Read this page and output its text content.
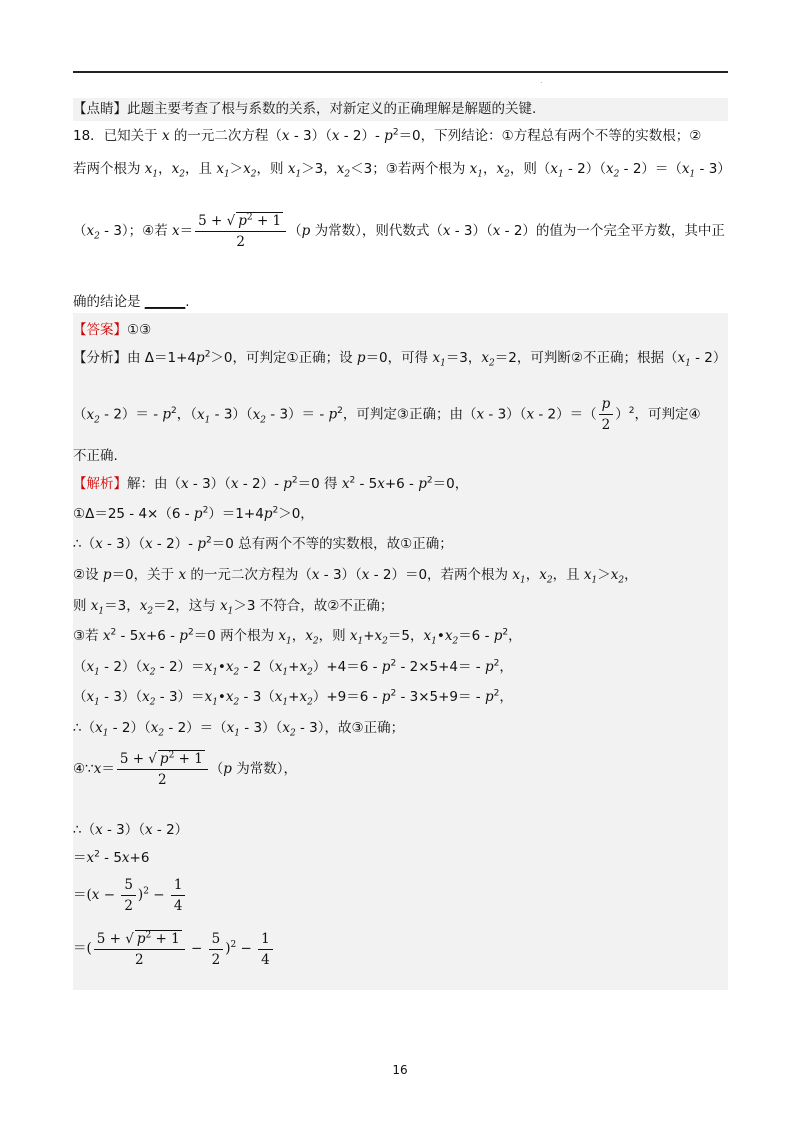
.
【点睛】此题主要考查了根与系数的关系，对新定义的正确理解是解题的关键.
18．已知关于 x 的一元二次方程（x - 3）（x - 2）- $p^2=0$，下列结论：①方程总有两个不等的实数根；②
若两个根为 $x_1$，$x_2$，且 $x_1>x_2$，则 $x_1>3$，$x_2<3$；③若两个根为 $x_1$，$x_2$，则$(x_1 - 2)(x_2 - 2)=(x_1 - 3)$
$(x_2 - 3)$；④若 $x= \frac{5 + √ p^2 + 1}{2} (p$ 为常数），则代数式（x - 3）（x - 2）的值为一个完全平方数，其中正
确的结论是 ______.
【答案】①③
【分析】由 $\Delta=1+4p^2>0$，可判定①正确；设 p＝0，可得 $x_1=3$，$x_2=2$，可判断②不正确；根据$(x_1 - 2)$
$(x_2 - 2)= - p^2$，$(x_1 - 3)(x_2 - 3)= - p^2$，可判定③正确；由$(x - 3)(x - 2)=( \frac{p}{2} )^2$，可判定④
不正确.
【解析】解：由（x - 3）（x - 2）- $p^2=0$ 得 $x^2 - 5x+6 - p^2=0$，
①Δ＝25 - $4\times(6 - p^2)=1+4p^2>0$，
∴（x - 3）（x - 2）- $p^2=0$ 总有两个不等的实数根，故①正确；
②设 p＝0，关于 x 的一元二次方程为（x - 3）（x - 2）＝0，若两个根为 $x_1$，$x_2$，且 $x_1>x_2$，
则 $x_1=3$，$x_2=2$，这与 $x_1>3$ 不符合，故②不正确；
③若 $x^2 - 5x+6 - p^2=0$ 两个根为 $x_1$，$x_2$，则 $x_1+x_2=5$，$x_1•x_2=6 - p^2$，
$(x_1 - 2)(x_2$ - $2)=x_1•x_2 - 2(x_1+x_2)+4=6 - p^2 - 2\times 5+4= - p^2$，
$(x_1 - 3)(x_2$ - $3)=x_1•x_2 - 3(x_1+x_2)+9=6 - p^2 - 3\times 5+9= - p^2$，
$\therefore(x_1 - 2)(x_2 - 2)=(x_1 - 3)(x_2 - 3)$，故③正确；
④∵x＝ $\frac{5 + √ p^2 + 1}{2} (p$ 为常数），
∴（x - 3）（x - 2）
$=x^2 - 5x+6$
$=(x - \frac{5}{2} )^2 - \frac{1}{4}$
＝( $\frac{5 + √ p^2 + 1}{2} - \frac{5}{2} )^2 - \frac{1}{4}$
16
